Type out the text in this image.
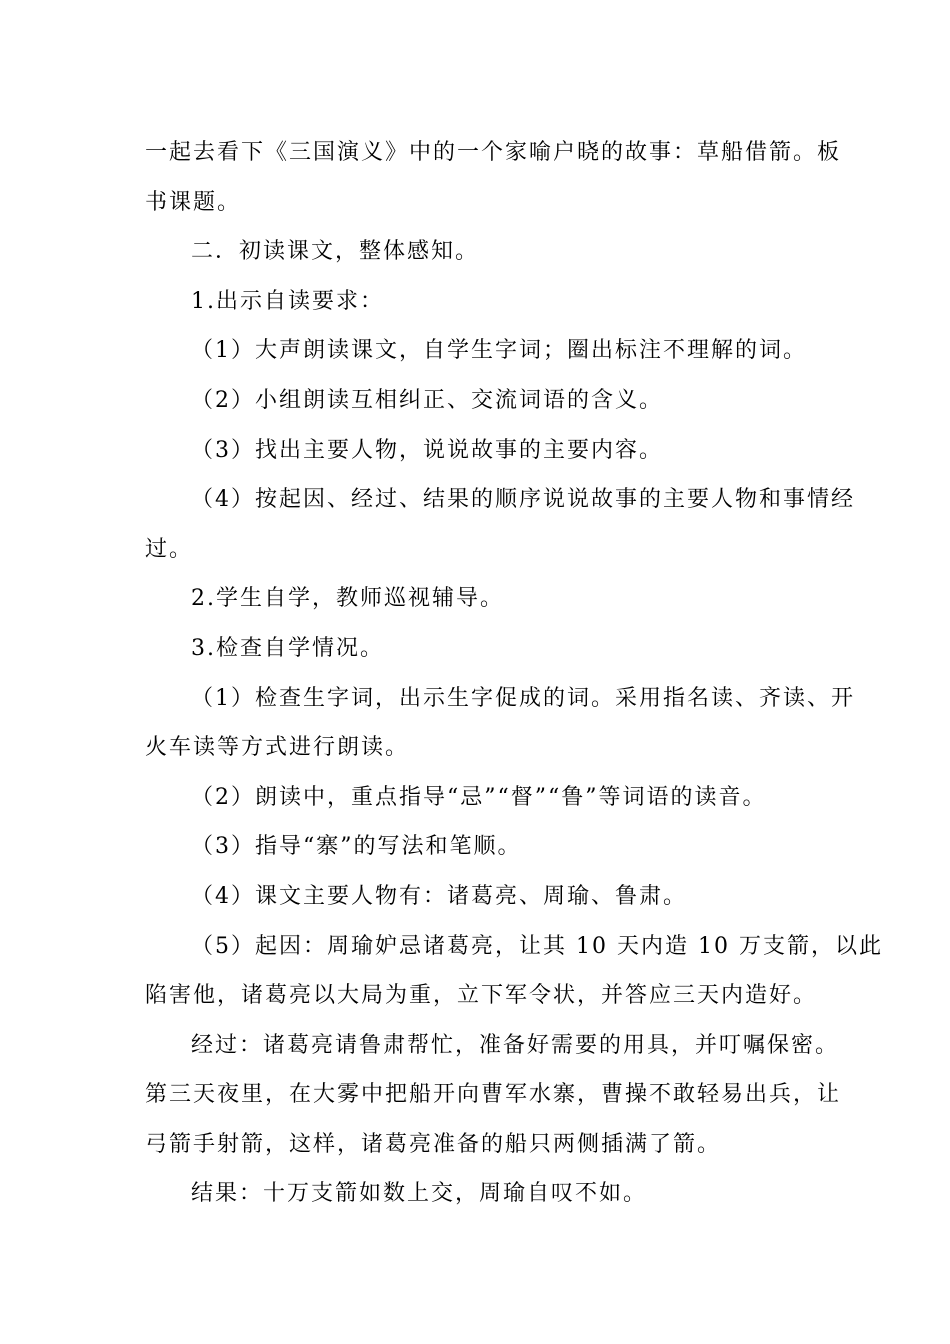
一起去看下《三国演义》中的一个家喻户晓的故事：草船借箭。板
书课题。
二．初读课文，整体感知。
1.出示自读要求：
（1）大声朗读课文，自学生字词；圈出标注不理解的词。
（2）小组朗读互相纠正、交流词语的含义。
（3）找出主要人物，说说故事的主要内容。
（4）按起因、经过、结果的顺序说说故事的主要人物和事情经
过。
2.学生自学，教师巡视辅导。
3.检查自学情况。
（1）检查生字词，出示生字促成的词。采用指名读、齐读、开
火车读等方式进行朗读。
（2）朗读中，重点指导“忌”“督”“鲁”等词语的读音。
（3）指导“寨”的写法和笔顺。
（4）课文主要人物有：诸葛亮、周瑜、鲁肃。
（5）起因：周瑜妒忌诸葛亮，让其 10 天内造 10 万支箭，以此
陷害他，诸葛亮以大局为重，立下军令状，并答应三天内造好。
经过：诸葛亮请鲁肃帮忙，准备好需要的用具，并叮嘱保密。
第三天夜里，在大雾中把船开向曹军水寨，曹操不敢轻易出兵，让
弓箭手射箭，这样，诸葛亮准备的船只两侧插满了箭。
结果：十万支箭如数上交，周瑜自叹不如。
